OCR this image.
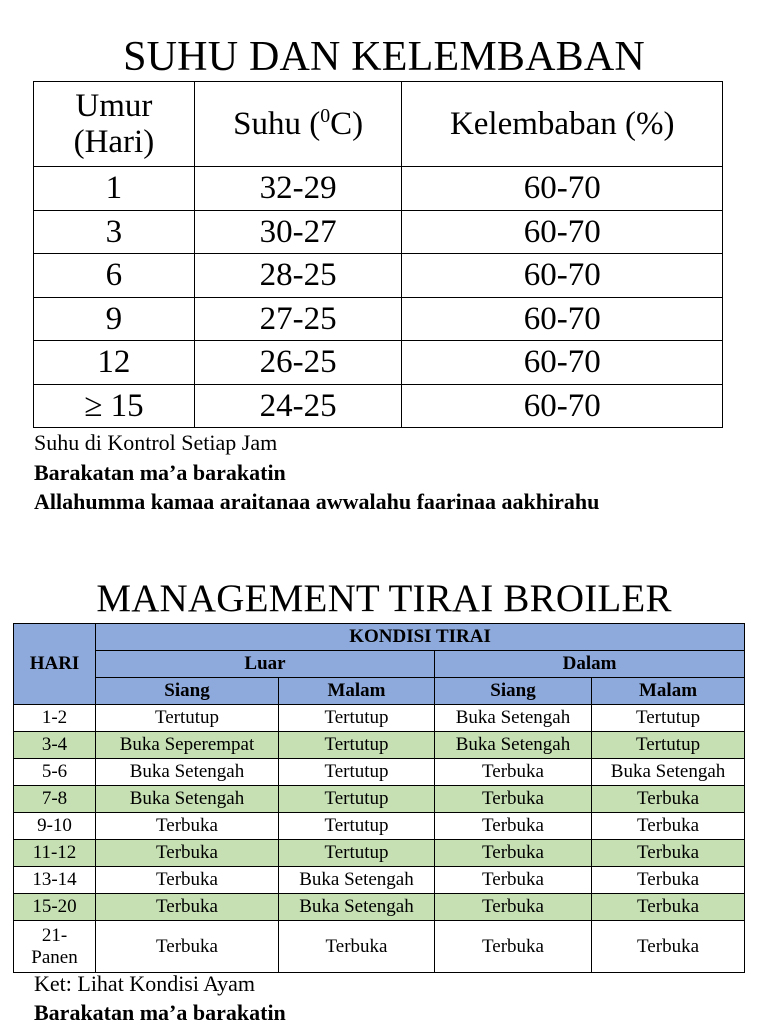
SUHU DAN KELEMBABAN
Umur
(Hari)	Suhu ($^0$C)	Kelembaban (%)
1	32-29	60-70
3	30-27	60-70
6	28-25	60-70
9	27-25	60-70
12	26-25	60-70
≥ 15	24-25	60-70
Suhu di Kontrol Setiap Jam
Barakatan ma’a barakatin
Allahumma kamaa araitanaa awwalahu faarinaa aakhirahu
MANAGEMENT TIRAI BROILER
HARI	KONDISI TIRAI			
	Luar		Dalam	
	Siang	Malam	Siang	Malam
1-2	Tertutup	Tertutup	Buka Setengah	Tertutup
3-4	Buka Seperempat	Tertutup	Buka Setengah	Tertutup
5-6	Buka Setengah	Tertutup	Terbuka	Buka Setengah
7-8	Buka Setengah	Tertutup	Terbuka	Terbuka
9-10	Terbuka	Tertutup	Terbuka	Terbuka
11-12	Terbuka	Tertutup	Terbuka	Terbuka
13-14	Terbuka	Buka Setengah	Terbuka	Terbuka
15-20	Terbuka	Buka Setengah	Terbuka	Terbuka
21-
Panen	Terbuka	Terbuka	Terbuka	Terbuka
Ket: Lihat Kondisi Ayam
Barakatan ma’a barakatin
